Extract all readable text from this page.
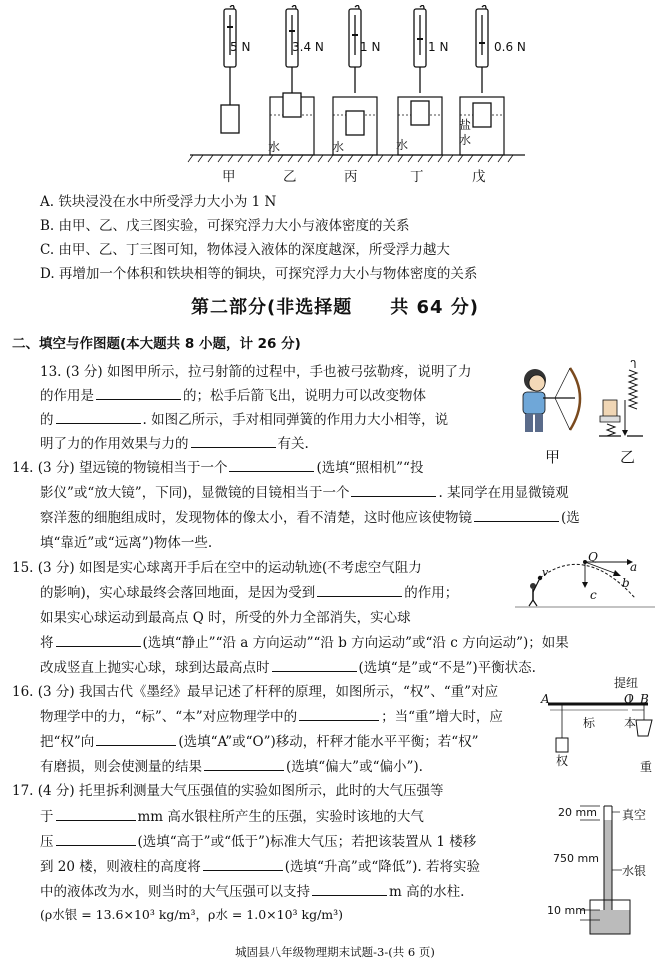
甲	乙	丙	丁	戊
5 N	3.4 N	1 N	1 N	0.6 N
水	水	水
盐水
A. 铁块浸没在水中所受浮力大小为 1 N
B. 由甲、乙、戊三图实验，可探究浮力大小与液体密度的关系
C. 由甲、乙、丁三图可知，物体浸入液体的深度越深，所受浮力越大
D. 再增加一个体积和铁块相等的铜块，可探究浮力大小与物体密度的关系
第二部分(非选择题　　共 64 分)
二、填空与作图题(本大题共 8 小题，计 26 分)
13. (3 分) 如图甲所示，拉弓射箭的过程中，手也被弓弦勒疼，说明了力
的作用是	的；松手后箭飞出，说明力可以改变物体
的	. 如图乙所示，手对相同弹簧的作用力大小相等，说
明了力的作用效果与力的	有关.
甲	乙
14. (3 分) 望远镜的物镜相当于一个	(选填“照相机”“投
影仪”或“放大镜”，下同)，显微镜的目镜相当于一个	. 某同学在用显微镜观
察洋葱的细胞组成时，发现物体的像太小，看不清楚，这时他应该使物镜	(选
填“靠近”或“远离”)物体一些.
15. (3 分) 如图是实心球离开手后在空中的运动轨迹(不考虑空气阻力
的影响)，实心球最终会落回地面，是因为受到	的作用；
如果实心球运动到最高点 Q 时，所受的外力全部消失，实心球
将	(选填“静止”“沿 a 方向运动”“沿 b 方向运动”或“沿 c 方向运动”)；如果
改成竖直上抛实心球，球到达最高点时	(选填“是”或“不是”)平衡状态.
Q
a
b
c
v
16. (3 分) 我国古代《墨经》最早记述了杆秤的原理，如图所示，“权”、“重”对应
物理学中的力，“标”、“本”对应物理学中的	；当“重”增大时，应
把“权”向	(选填“A”或“O”)移动，杆秤才能水平平衡；若“权”
有磨损，则会使测量的结果	(选填“偏大”或“偏小”).
提纽
A	O B
标 本
权	重
17. (4 分) 托里拆利测量大气压强值的实验如图所示，此时的大气压强等
于	mm 高水银柱所产生的压强，实验时该地的大气
压	(选填“高于”或“低于”)标准大气压；若把该装置从 1 楼移
到 20 楼，则液柱的高度将	(选填“升高”或“降低”). 若将实验
中的液体改为水，则当时的大气压强可以支持	m 高的水柱.
(ρ水银 = 13.6×10³ kg/m³，ρ水 = 1.0×10³ kg/m³)
20 mm 真空
750 mm
水银
10 mm
城固县八年级物理期末试题-3-(共 6 页)
